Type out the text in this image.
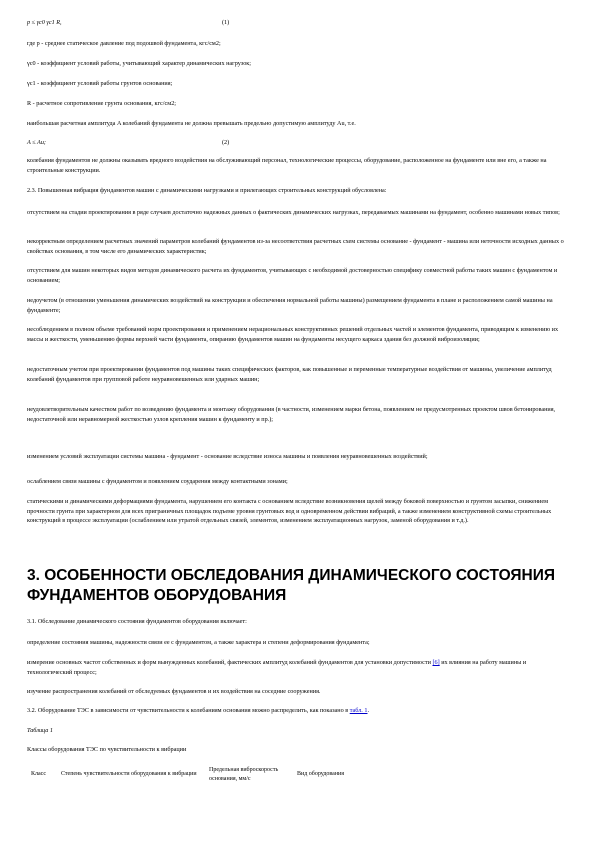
p ≤ γc0 γc1 R,	(1)

где p - среднее статическое давление под подошвой фундамента, кгс/см2;

γc0 - коэффициент условий работы, учитывающий характер динамических нагрузок;

γc1 - коэффициент условий работы грунтов основания;

R - расчетное сопротивление грунта основания, кгс/см2;

наибольшая расчетная амплитуда A колебаний фундамента не должна превышать предельно допустимую амплитуду Au, т.е.

A ≤ Au;	(2)

колебания фундаментов не должны оказывать вредного воздействия на обслуживающий персонал, технологические процессы, оборудование, расположенное на фундаменте или вне его, а также на строительные конструкции.

2.3. Повышенная вибрация фундаментов машин с динамическими нагрузками и прилегающих строительных конструкций обусловлена:

отсутствием на стадии проектирования в ряде случаев достаточно надежных данных о фактических динамических нагрузках, передаваемых машинами на фундамент, особенно машинами новых типов;

некорректным определением расчетных значений параметров колебаний фундаментов из-за несоответствия расчетных схем системы основание - фундамент - машина или неточности исходных данных о свойствах основания, в том числе его динамических характеристик;

отсутствием для машин некоторых видов методов динамического расчета их фундаментов, учитывающих с необходимой достоверностью специфику совместной работы таких машин с фундаментом и основанием;

недоучетом (в отношении уменьшения динамических воздействий на конструкции и обеспечения нормальной работы машины) размещением фундамента в плане и расположением самой машины на фундаменте;

несоблюдением в полном объеме требований норм проектирования и применением нерациональных конструктивных решений отдельных частей и элементов фундамента, приводящим к изменению их массы и жесткости, уменьшению формы верхней части фундамента, опиранию фундаментов машин на фундаменты несущего каркаса здания без должной виброизоляции;

недостаточным учетом при проектировании фундаментов под машины таких специфических факторов, как повышенные и переменные температурные воздействия от машины, увеличение амплитуд колебаний фундаментов при групповой работе неуравновешенных или ударных машин;

неудовлетворительным качеством работ по возведению фундамента и монтажу оборудования (в частности, изменением марки бетона, появлением не предусмотренных проектом швов бетонирования, недостаточной или неравномерной жесткостью узлов крепления машин к фундаменту и пр.);

изменением условий эксплуатации системы машина - фундамент - основание вследствие износа машины и появления неуравновешенных воздействий;

ослаблением связи машины с фундаментом и появлением соударения между контактными зонами;

статическими и динамическими деформациями фундамента, нарушением его контакта с основанием вследствие возникновения щелей между боковой поверхностью и грунтом засыпки, снижением прочности грунта при характерном для всех приграничных площадок подъеме уровня грунтовых вод и одновременном действии вибраций, а также изменением конструктивной схемы строительных конструкций в процессе эксплуатации (ослаблением или утратой отдельных связей, элементов, изменением эксплуатационных нагрузок, заменой оборудования и т.д.).

3. ОСОБЕННОСТИ ОБСЛЕДОВАНИЯ ДИНАМИЧЕСКОГО СОСТОЯНИЯ ФУНДАМЕНТОВ ОБОРУДОВАНИЯ

3.1. Обследование динамического состояния фундаментов оборудования включает:

определение состояния машины, надежности связи ее с фундаментом, а также характера и степени деформирования фундамента;

измерение основных частот собственных и форм вынужденных колебаний, фактических амплитуд колебаний фундаментов для установки допустимости [6] их влияния на работу машины и технологический процесс;

изучение распространения колебаний от обследуемых фундаментов и их воздействия на соседние сооружения.

3.2. Оборудование ТЭС в зависимости от чувствительности к колебаниям основания можно распределить, как показано в табл. 1.

Таблица 1

Классы оборудования ТЭС по чувствительности к вибрации

Класс	Степень чувствительности оборудования к вибрации	Предельная виброскорость основания, мм/с	Вид оборудования
